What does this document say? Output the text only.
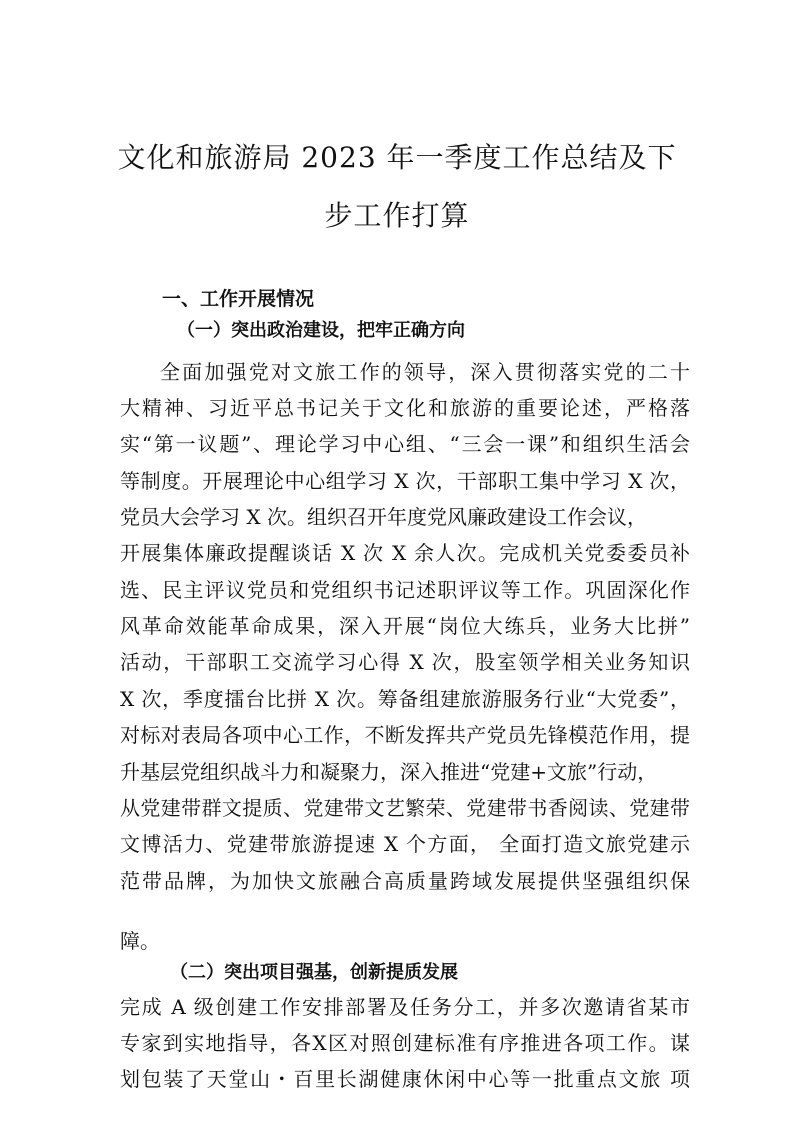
文化和旅游局 2023 年一季度工作总结及下
步工作打算
一、工作开展情况
（一）突出政治建设，把牢正确方向
全面加强党对文旅工作的领导，深入贯彻落实党的二十
大精神、习近平总书记关于文化和旅游的重要论述，严格落
实“第一议题”、理论学习中心组、“三会一课”和组织生活会
等制度。开展理论中心组学习 X 次，干部职工集中学习 X 次，
党员大会学习 X 次。组织召开年度党风廉政建设工作会议，
开展集体廉政提醒谈话 X 次 X 余人次。完成机关党委委员补
选、民主评议党员和党组织书记述职评议等工作。巩固深化作
风革命效能革命成果，深入开展“岗位大练兵，业务大比拼”
活动，干部职工交流学习心得 X 次，股室领学相关业务知识
X 次，季度擂台比拼 X 次。筹备组建旅游服务行业“大党委”，
对标对表局各项中心工作，不断发挥共产党员先锋模范作用，提
升基层党组织战斗力和凝聚力，深入推进“党建+文旅”行动，
从党建带群文提质、党建带文艺繁荣、党建带书香阅读、党建带
文博活力、党建带旅游提速 X 个方面， 全面打造文旅党建示
范带品牌，为加快文旅融合高质量跨域发展提供坚强组织保
障。
（二）突出项目强基，创新提质发展
完成 A 级创建工作安排部署及任务分工，并多次邀请省某市
专家到实地指导，各X区对照创建标准有序推进各项工作。谋
划包装了天堂山・百里长湖健康休闲中心等一批重点文旅 项
